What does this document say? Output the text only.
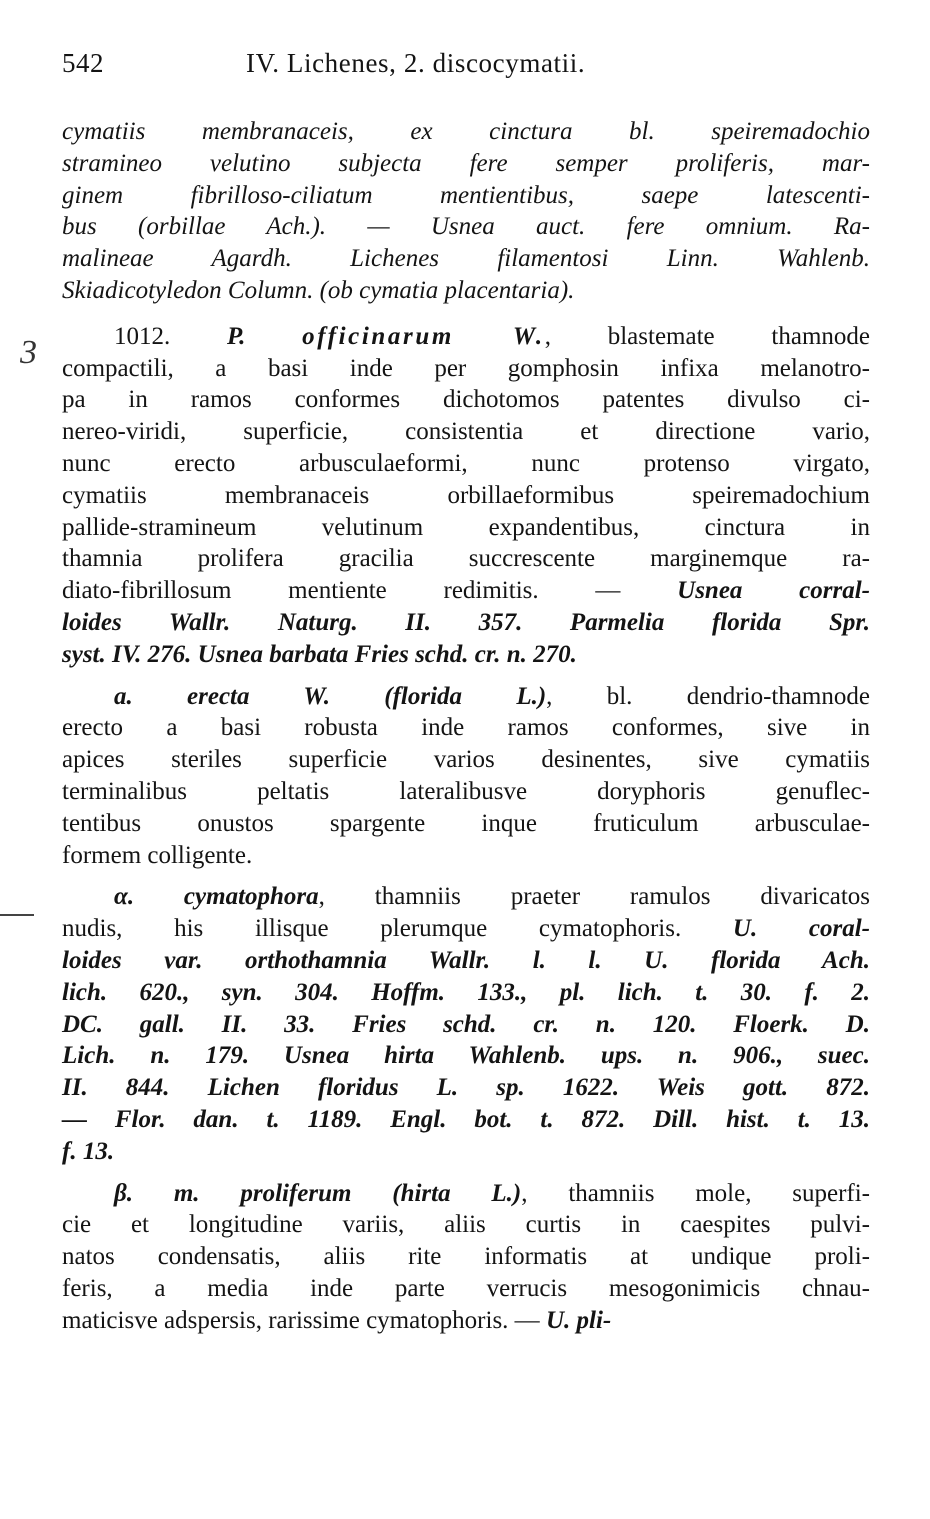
542	IV. Lichenes, 2. discocymatii.
3
cymatiis membranaceis, ex cinctura bl. speiremadochio
stramineo velutino subjecta fere semper proliferis, mar-
ginem fibrilloso-ciliatum mentientibus, saepe latescenti-
bus (orbillae Ach.). — Usnea auct. fere omnium. Ra-
malineae Agardh. Lichenes filamentosi Linn. Wahlenb.
Skiadicotyledon Column. (ob cymatia placentaria).
1012. P. officinarum W., blastemate thamnode
compactili, a basi inde per gomphosin infixa melanotro-
pa in ramos conformes dichotomos patentes divulso ci-
nereo-viridi, superficie, consistentia et directione vario,
nunc erecto arbusculaeformi, nunc protenso virgato,
cymatiis membranaceis orbillaeformibus speiremadochium
pallide-stramineum velutinum expandentibus, cinctura in
thamnia prolifera gracilia succrescente marginemque ra-
diato-fibrillosum mentiente redimitis. — Usnea corral-
loides Wallr. Naturg. II. 357. Parmelia florida Spr.
syst. IV. 276. Usnea barbata Fries schd. cr. n. 270.
a. erecta W. (florida L.), bl. dendrio-thamnode
erecto a basi robusta inde ramos conformes, sive in
apices steriles superficie varios desinentes, sive cymatiis
terminalibus peltatis lateralibusve doryphoris genuflec-
tentibus onustos spargente inque fruticulum arbusculae-
formem colligente.
α. cymatophora, thamniis praeter ramulos divaricatos
nudis, his illisque plerumque cymatophoris. U. coral-
loides var. orthothamnia Wallr. l. l. U. florida Ach.
lich. 620., syn. 304. Hoffm. 133., pl. lich. t. 30. f. 2.
DC. gall. II. 33. Fries schd. cr. n. 120. Floerk. D.
Lich. n. 179. Usnea hirta Wahlenb. ups. n. 906., suec.
II. 844. Lichen floridus L. sp. 1622. Weis gott. 872.
— Flor. dan. t. 1189. Engl. bot. t. 872. Dill. hist. t. 13.
f. 13.
β. m. proliferum (hirta L.), thamniis mole, superfi-
cie et longitudine variis, aliis curtis in caespites pulvi-
natos condensatis, aliis rite informatis at undique proli-
feris, a media inde parte verrucis mesogonimicis chnau-
maticisve adspersis, rarissime cymatophoris. — U. pli-
